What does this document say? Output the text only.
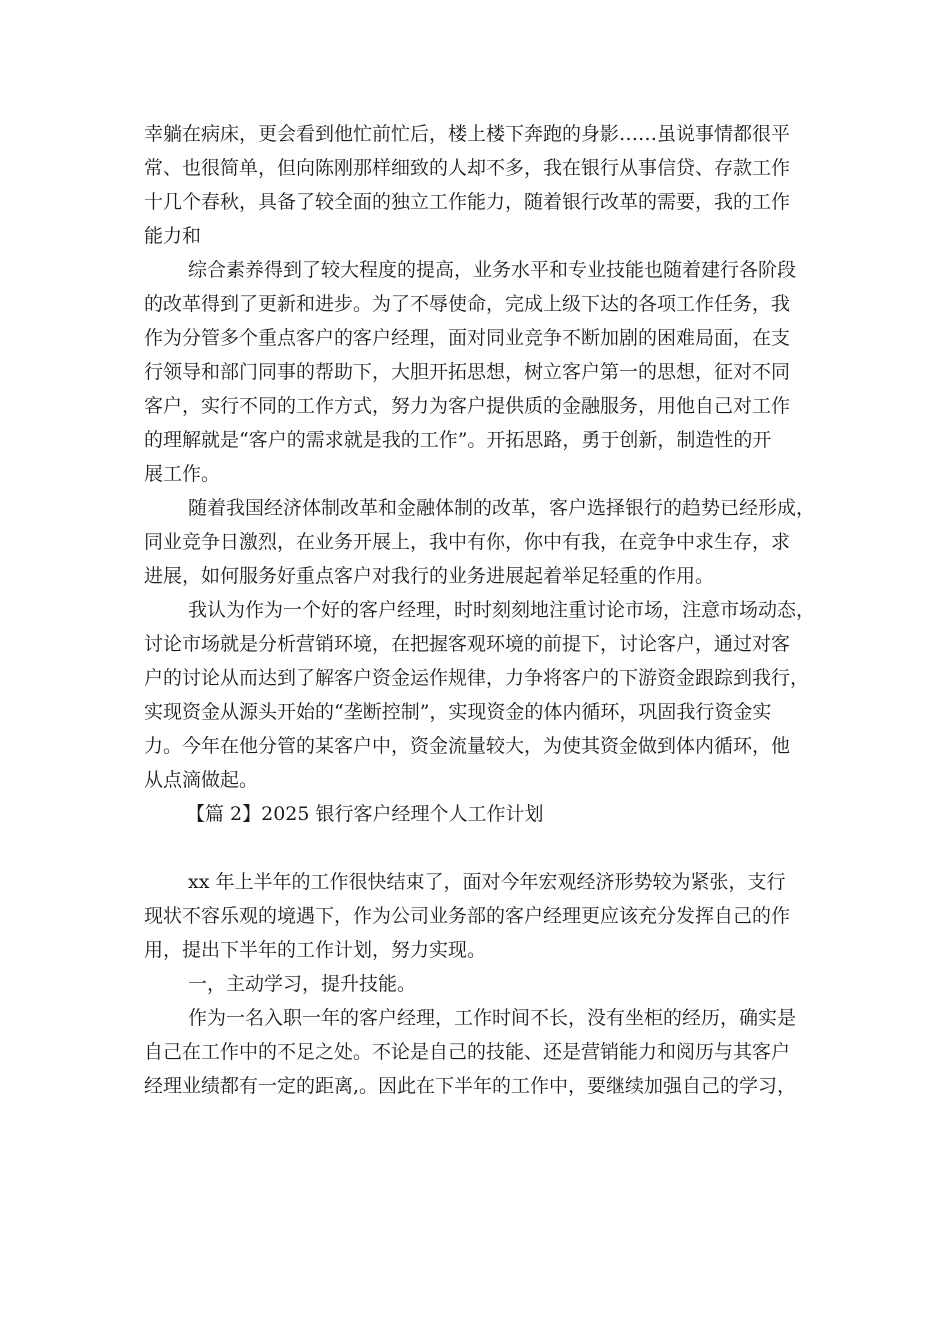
幸躺在病床，更会看到他忙前忙后，楼上楼下奔跑的身影……虽说事情都很平
常、也很简单，但向陈刚那样细致的人却不多，我在银行从事信贷、存款工作
十几个春秋，具备了较全面的独立工作能力，随着银行改革的需要，我的工作
能力和
综合素养得到了较大程度的提高，业务水平和专业技能也随着建行各阶段
的改革得到了更新和进步。为了不辱使命，完成上级下达的各项工作任务，我
作为分管多个重点客户的客户经理，面对同业竞争不断加剧的困难局面，在支
行领导和部门同事的帮助下，大胆开拓思想，树立客户第一的思想，征对不同
客户，实行不同的工作方式，努力为客户提供质的金融服务，用他自己对工作
的理解就是“客户的需求就是我的工作”。开拓思路，勇于创新，制造性的开
展工作。
随着我国经济体制改革和金融体制的改革，客户选择银行的趋势已经形成，
同业竞争日激烈，在业务开展上，我中有你，你中有我，在竞争中求生存，求
进展，如何服务好重点客户对我行的业务进展起着举足轻重的作用。
我认为作为一个好的客户经理，时时刻刻地注重讨论市场，注意市场动态，
讨论市场就是分析营销环境，在把握客观环境的前提下，讨论客户，通过对客
户的讨论从而达到了解客户资金运作规律，力争将客户的下游资金跟踪到我行，
实现资金从源头开始的“垄断控制”，实现资金的体内循环，巩固我行资金实
力。今年在他分管的某客户中，资金流量较大，为使其资金做到体内循环，他
从点滴做起。
【篇 2】2025 银行客户经理个人工作计划
xx 年上半年的工作很快结束了，面对今年宏观经济形势较为紧张，支行
现状不容乐观的境遇下，作为公司业务部的客户经理更应该充分发挥自己的作
用，提出下半年的工作计划，努力实现。
一，主动学习，提升技能。
作为一名入职一年的客户经理，工作时间不长，没有坐柜的经历，确实是
自己在工作中的不足之处。不论是自己的技能、还是营销能力和阅历与其客户
经理业绩都有一定的距离,。因此在下半年的工作中，要继续加强自己的学习，
